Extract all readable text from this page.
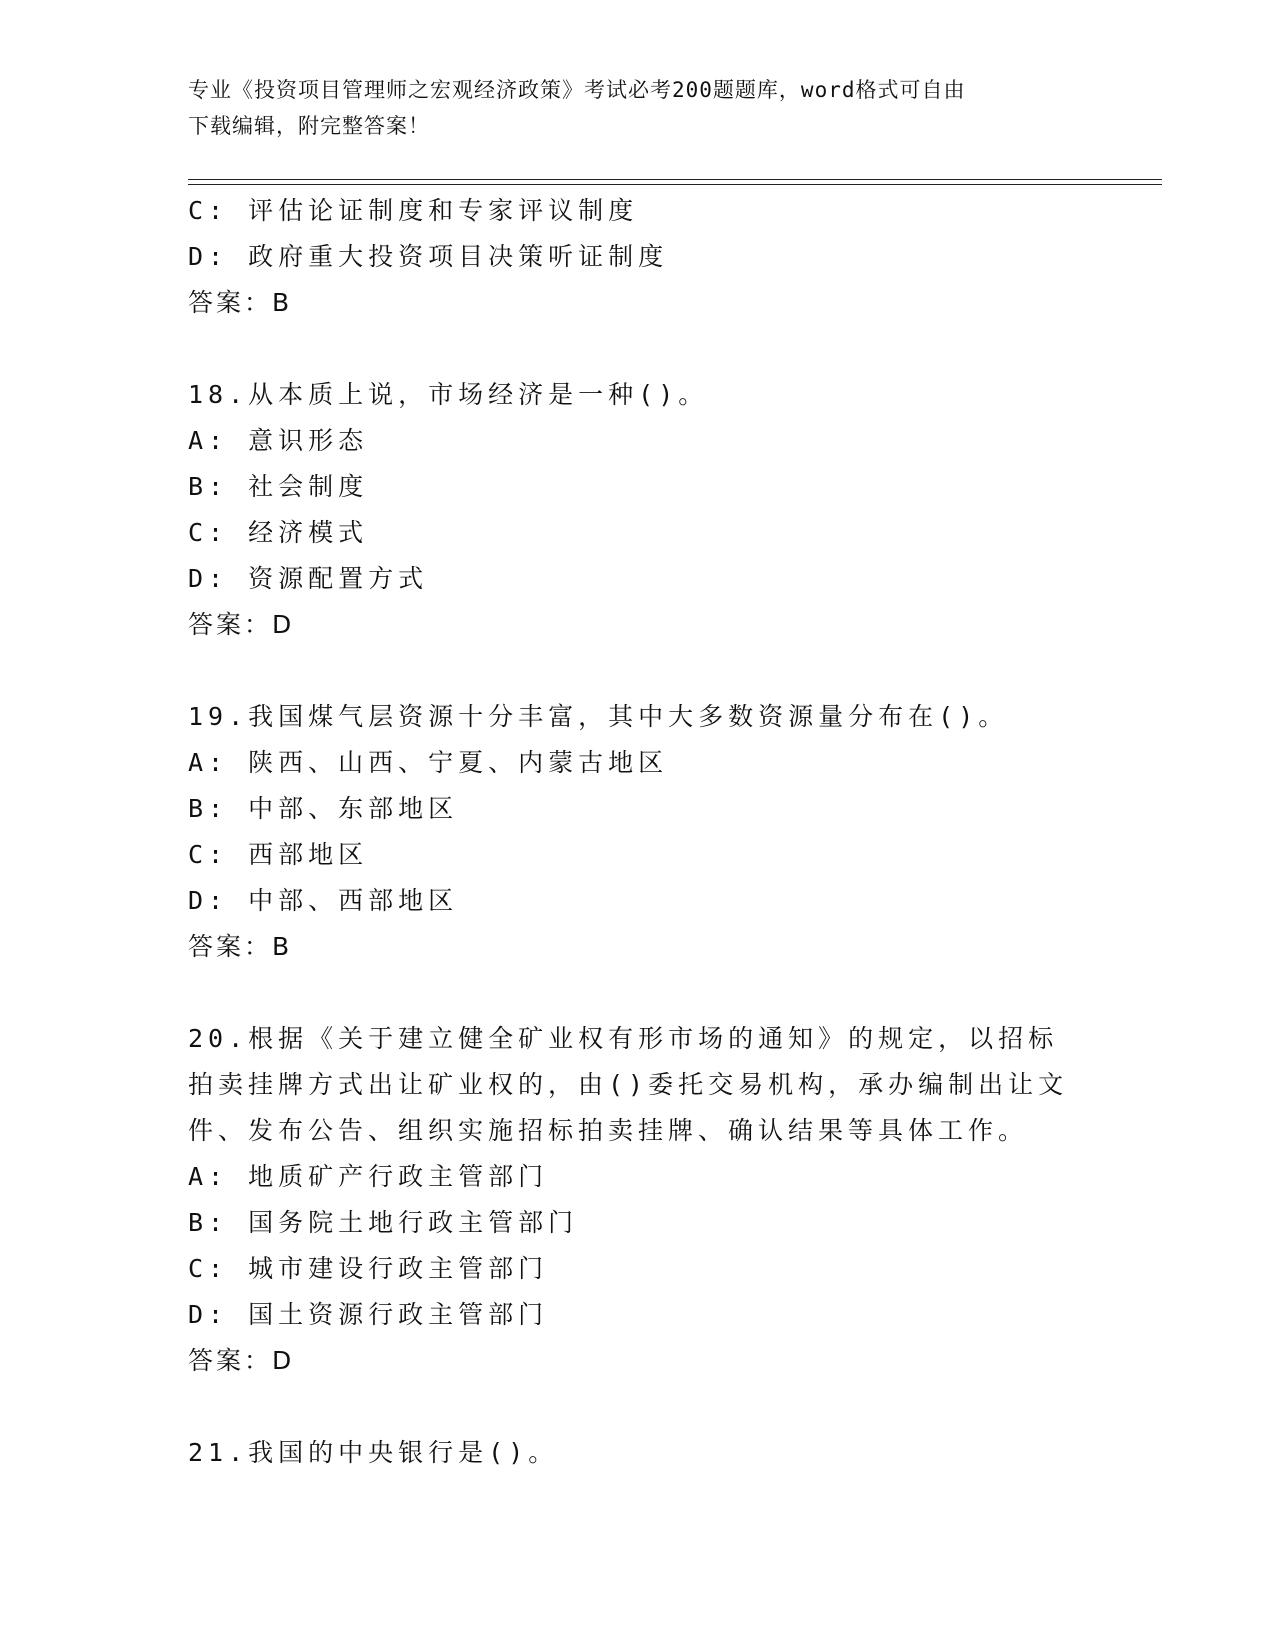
专业《投资项目管理师之宏观经济政策》考试必考200题题库，word格式可自由
下载编辑，附完整答案！
C: 评估论证制度和专家评议制度
D: 政府重大投资项目决策听证制度
答案：B
18.从本质上说，市场经济是一种()。
A: 意识形态
B: 社会制度
C: 经济模式
D: 资源配置方式
答案：D
19.我国煤气层资源十分丰富，其中大多数资源量分布在()。
A: 陕西、山西、宁夏、内蒙古地区
B: 中部、东部地区
C: 西部地区
D: 中部、西部地区
答案：B
20.根据《关于建立健全矿业权有形市场的通知》的规定，以招标拍卖挂牌方式出让矿业权的，由()委托交易机构，承办编制出让文件、发布公告、组织实施招标拍卖挂牌、确认结果等具体工作。
A: 地质矿产行政主管部门
B: 国务院土地行政主管部门
C: 城市建设行政主管部门
D: 国土资源行政主管部门
答案：D
21.我国的中央银行是()。
